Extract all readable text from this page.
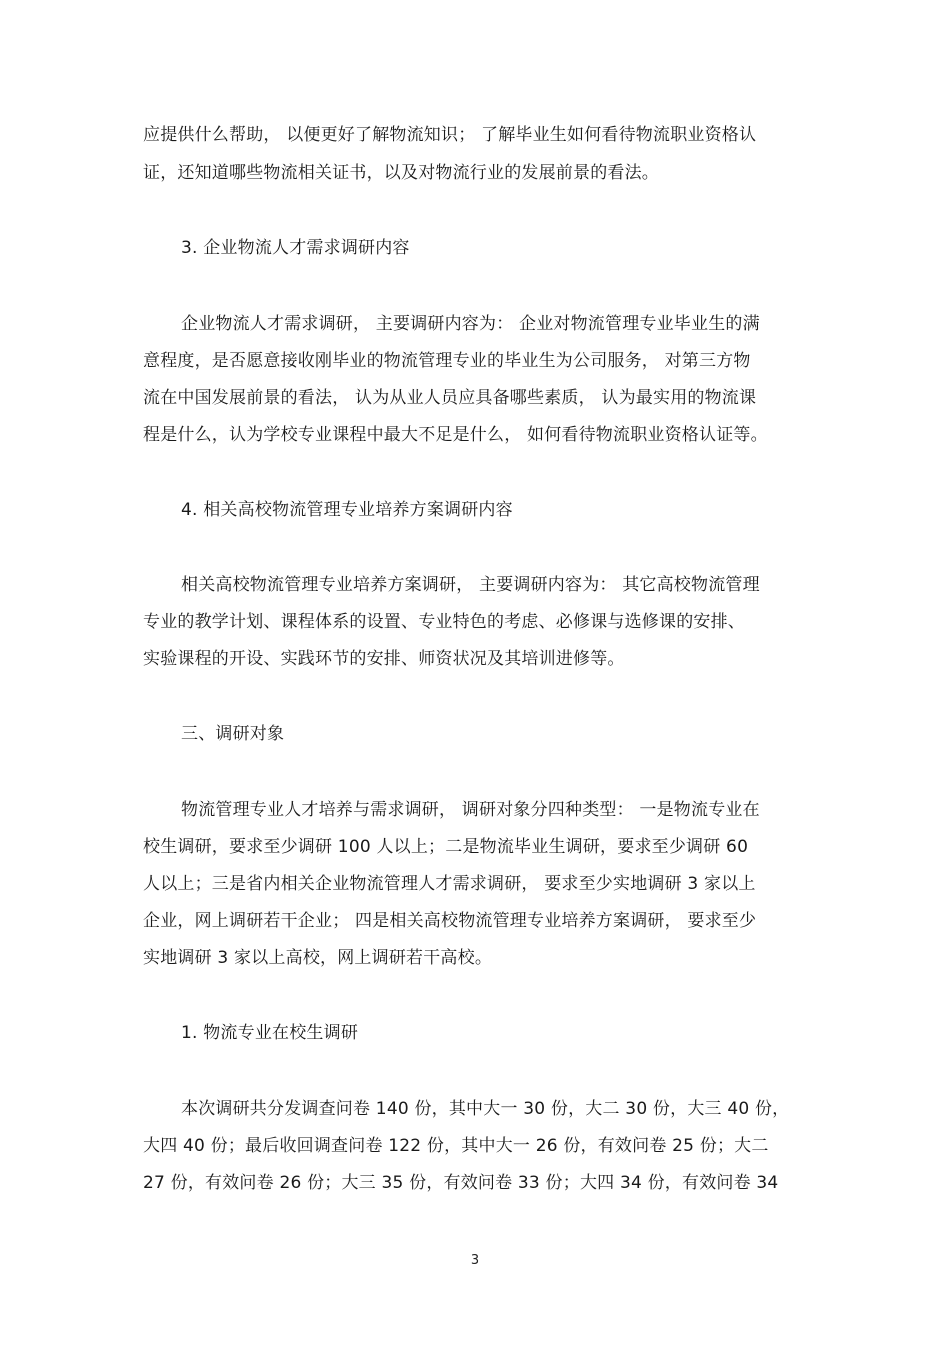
应提供什么帮助， 以便更好了解物流知识； 了解毕业生如何看待物流职业资格认
证，还知道哪些物流相关证书，以及对物流行业的发展前景的看法。
3. 企业物流人才需求调研内容
企业物流人才需求调研， 主要调研内容为： 企业对物流管理专业毕业生的满
意程度，是否愿意接收刚毕业的物流管理专业的毕业生为公司服务， 对第三方物
流在中国发展前景的看法， 认为从业人员应具备哪些素质， 认为最实用的物流课
程是什么，认为学校专业课程中最大不足是什么， 如何看待物流职业资格认证等。
4. 相关高校物流管理专业培养方案调研内容
相关高校物流管理专业培养方案调研， 主要调研内容为： 其它高校物流管理
专业的教学计划、课程体系的设置、专业特色的考虑、必修课与选修课的安排、
实验课程的开设、实践环节的安排、师资状况及其培训进修等。
三、调研对象
物流管理专业人才培养与需求调研， 调研对象分四种类型： 一是物流专业在
校生调研，要求至少调研 100 人以上；二是物流毕业生调研，要求至少调研 60
人以上；三是省内相关企业物流管理人才需求调研， 要求至少实地调研 3 家以上
企业，网上调研若干企业； 四是相关高校物流管理专业培养方案调研， 要求至少
实地调研 3 家以上高校，网上调研若干高校。
1. 物流专业在校生调研
本次调研共分发调查问卷 140 份，其中大一 30 份，大二 30 份，大三 40 份，
大四 40 份；最后收回调查问卷 122 份，其中大一 26 份，有效问卷 25 份；大二
27 份，有效问卷 26 份；大三 35 份，有效问卷 33 份；大四 34 份，有效问卷 34
3
